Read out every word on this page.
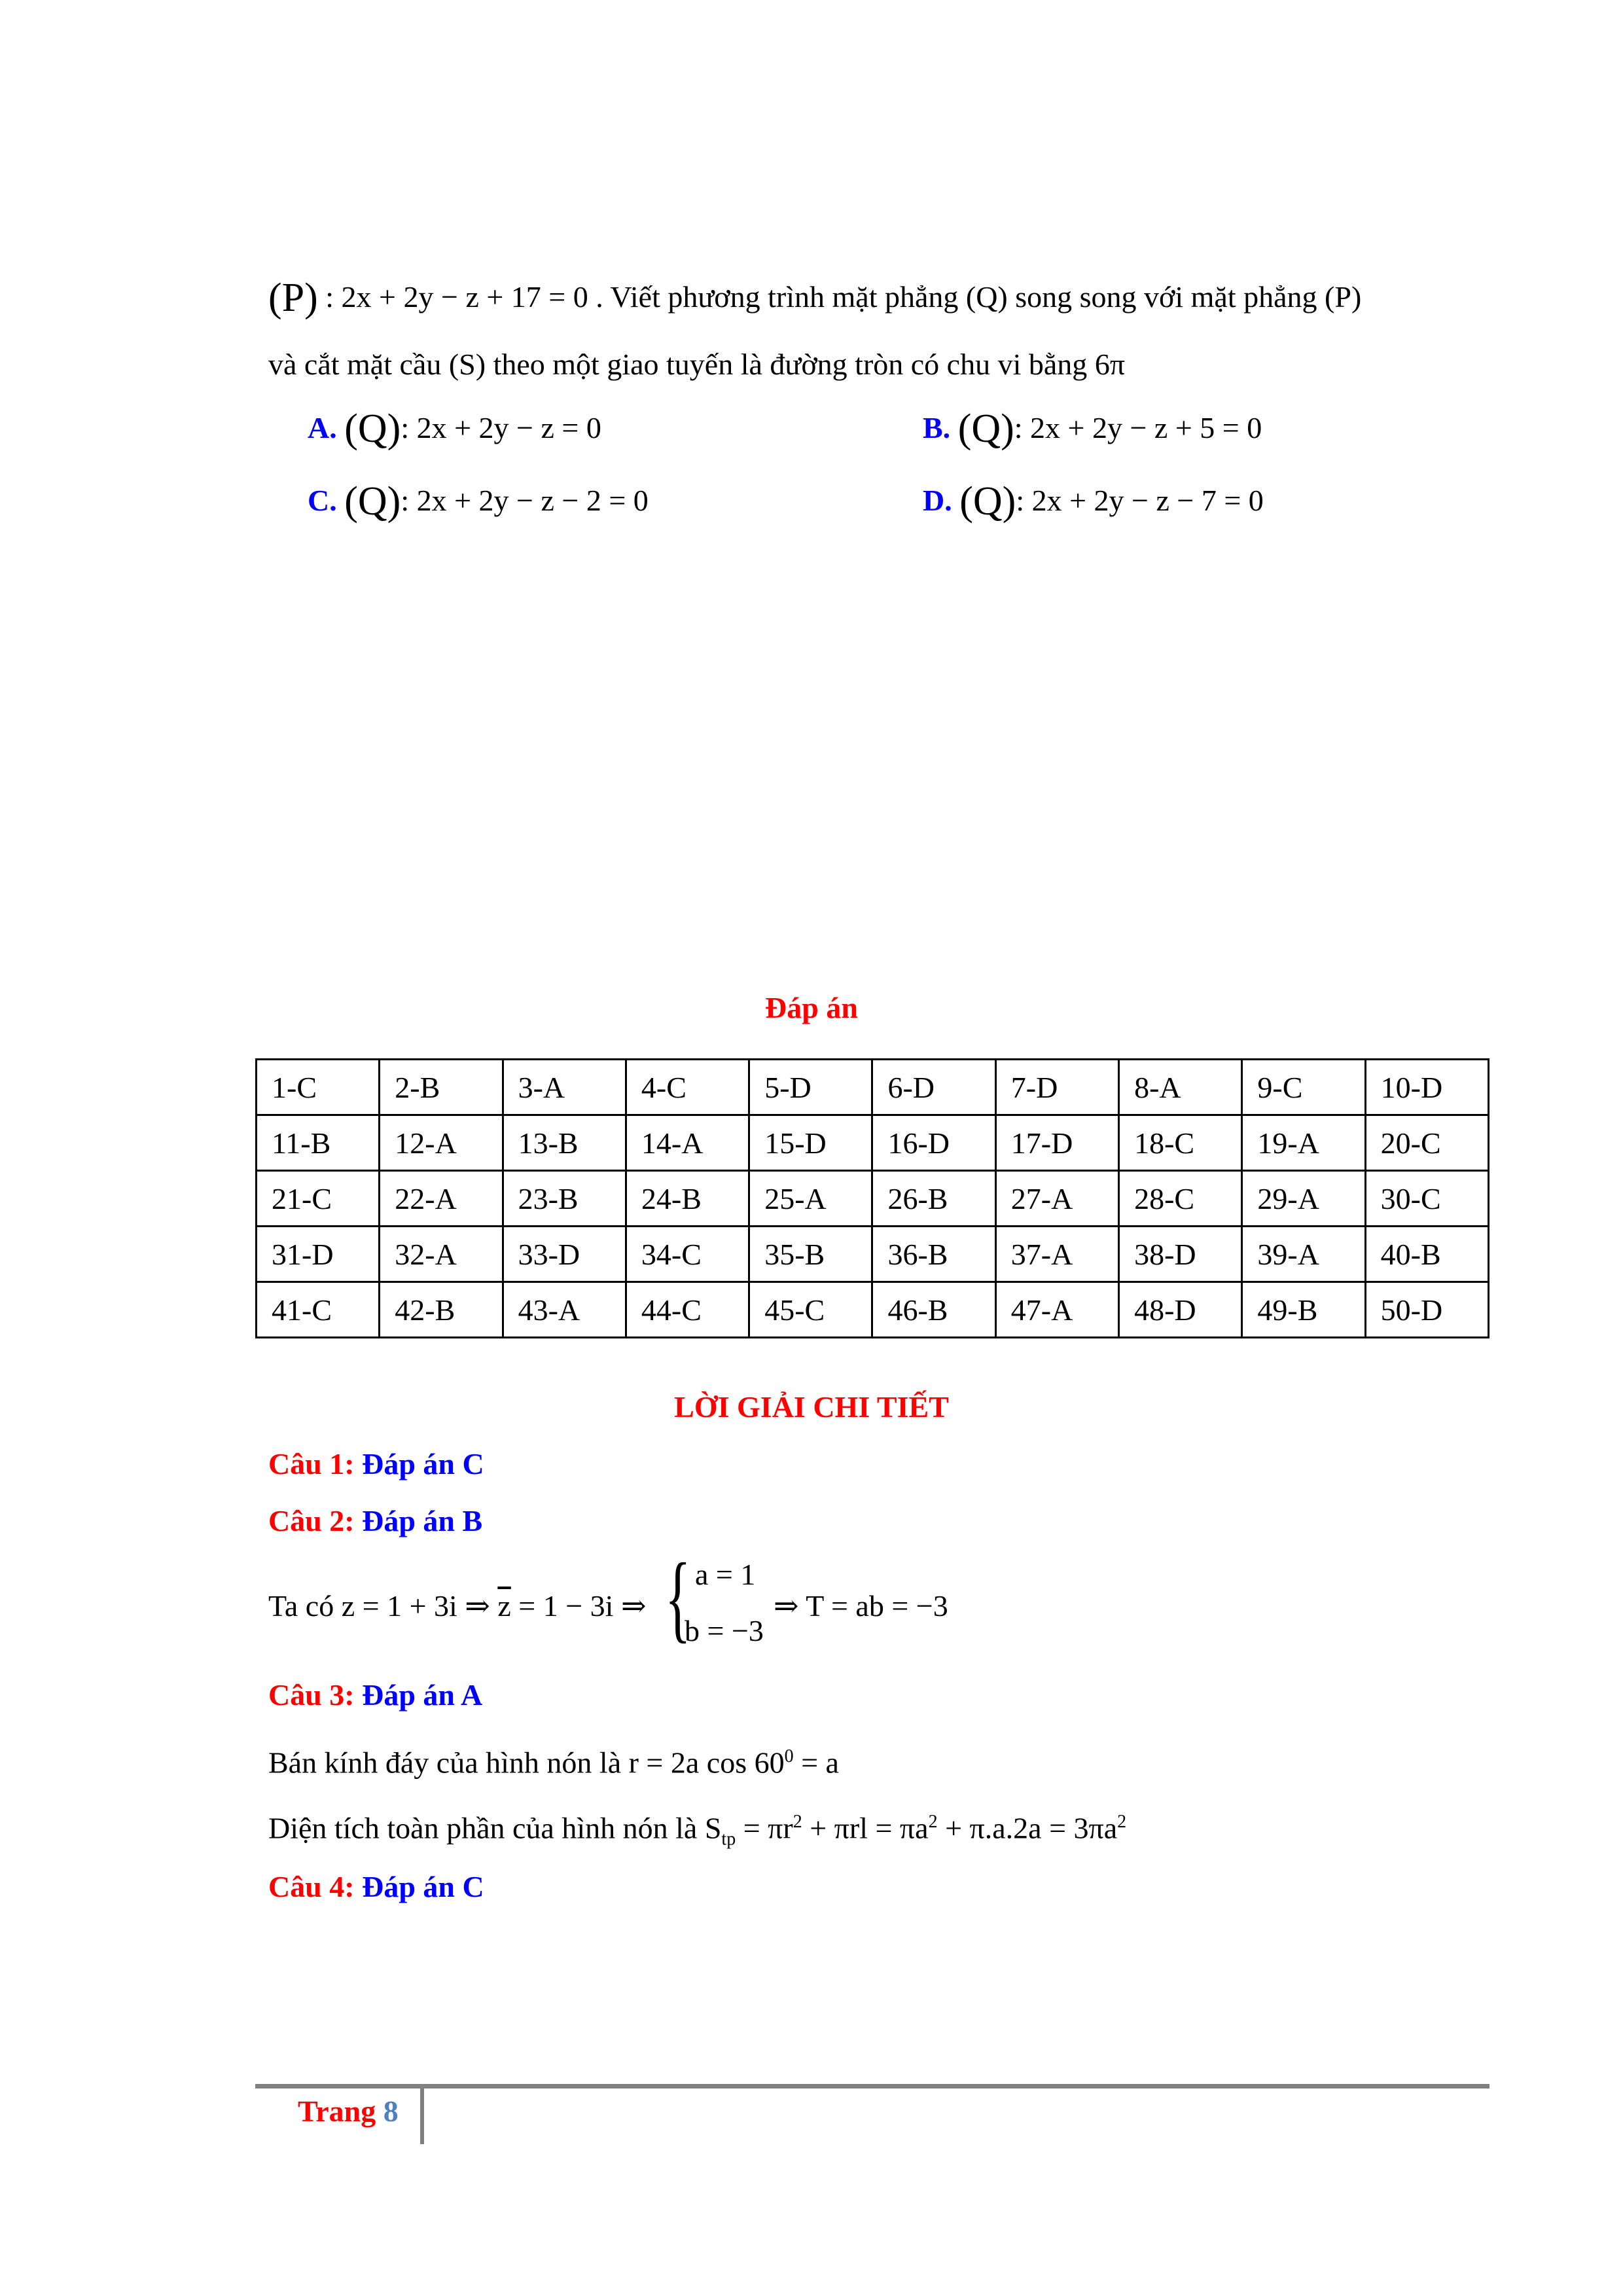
(P) : 2x + 2y − z + 17 = 0 . Viết phương trình mặt phẳng (Q) song song với mặt phẳng (P)
và cắt mặt cầu (S) theo một giao tuyến là đường tròn có chu vi bằng 6π
A. (Q): 2x + 2y − z = 0	B. (Q): 2x + 2y − z + 5 = 0
C. (Q): 2x + 2y − z − 2 = 0	D. (Q): 2x + 2y − z − 7 = 0
Đáp án
1-C	2-B	3-A	4-C	5-D	6-D	7-D	8-A	9-C	10-D
11-B	12-A	13-B	14-A	15-D	16-D	17-D	18-C	19-A	20-C
21-C	22-A	23-B	24-B	25-A	26-B	27-A	28-C	29-A	30-C
31-D	32-A	33-D	34-C	35-B	36-B	37-A	38-D	39-A	40-B
41-C	42-B	43-A	44-C	45-C	46-B	47-A	48-D	49-B	50-D
LỜI GIẢI CHI TIẾT
Câu 1: Đáp án C
Câu 2: Đáp án B
Ta có z = 1 + 3i ⇒ $\overline{z} = 1 - 3i$ ⇒ { a = 1
b = −3
⇒ T = ab = −3
Câu 3: Đáp án A
Bán kính đáy của hình nón là r = 2a $\cos 60^0 = a$
Diện tích toàn phần của hình nón là $S_{tp} = \pi r^2 + \pi rl = \pi a^2 + \pi.a.2a = 3\pi a^2$
Câu 4: Đáp án C
Trang 8
